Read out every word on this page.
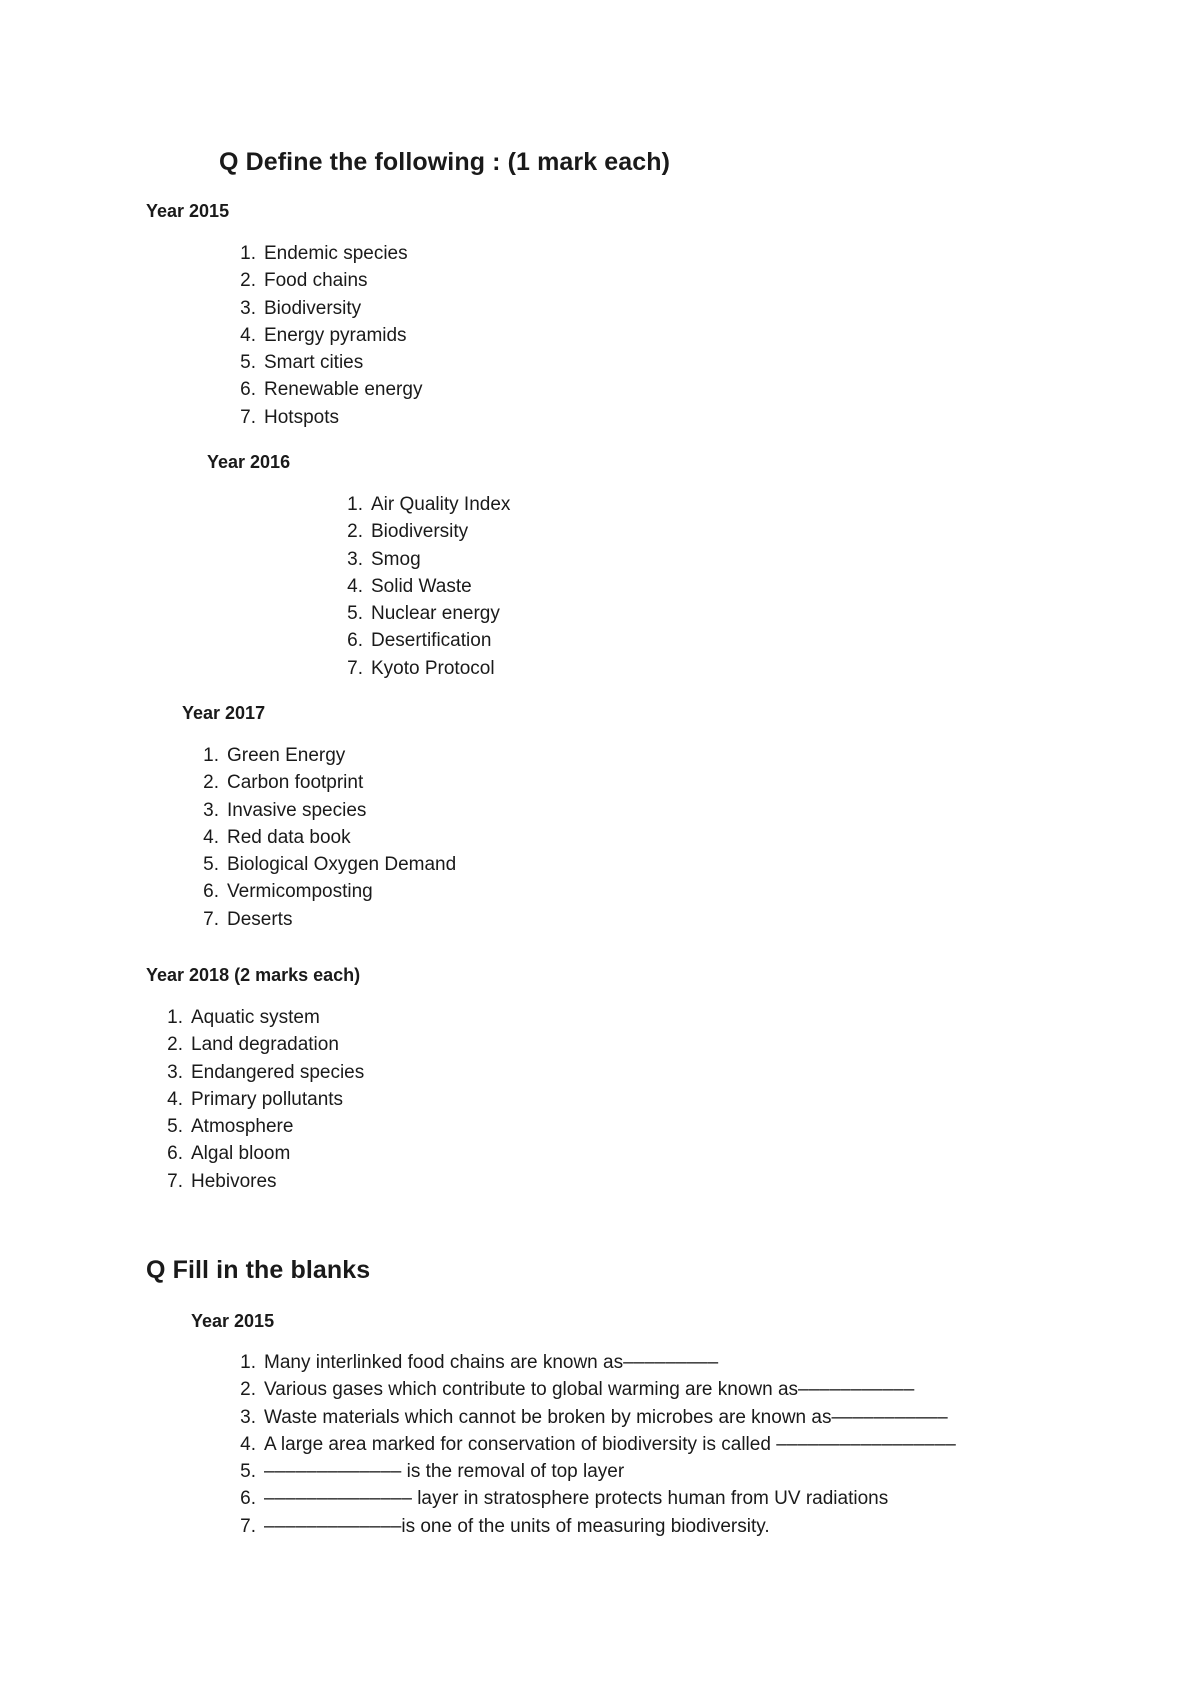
Q Define the following : (1 mark each)
Year 2015
1. Endemic species
2. Food chains
3. Biodiversity
4. Energy pyramids
5. Smart cities
6. Renewable energy
7. Hotspots
Year 2016
1. Air Quality Index
2. Biodiversity
3. Smog
4. Solid Waste
5. Nuclear energy
6. Desertification
7. Kyoto Protocol
Year 2017
1. Green Energy
2. Carbon footprint
3. Invasive species
4. Red data book
5. Biological Oxygen Demand
6. Vermicomposting
7. Deserts
Year 2018 (2 marks each)
1. Aquatic system
2. Land degradation
3. Endangered species
4. Primary pollutants
5. Atmosphere
6. Algal bloom
7. Hebivores
Q Fill in the blanks
Year 2015
1. Many interlinked food chains are known as–––––––––
2. Various gases which contribute to global warming are known as–––––––––––
3. Waste materials which cannot be broken by microbes are known as–––––––––––
4. A large area marked for conservation of biodiversity is called –––––––––––––––––
5. ––––––––––––– is the removal of top layer
6. –––––––––––––– layer in stratosphere protects human from UV radiations
7. –––––––––––––is one of the units of measuring biodiversity.
